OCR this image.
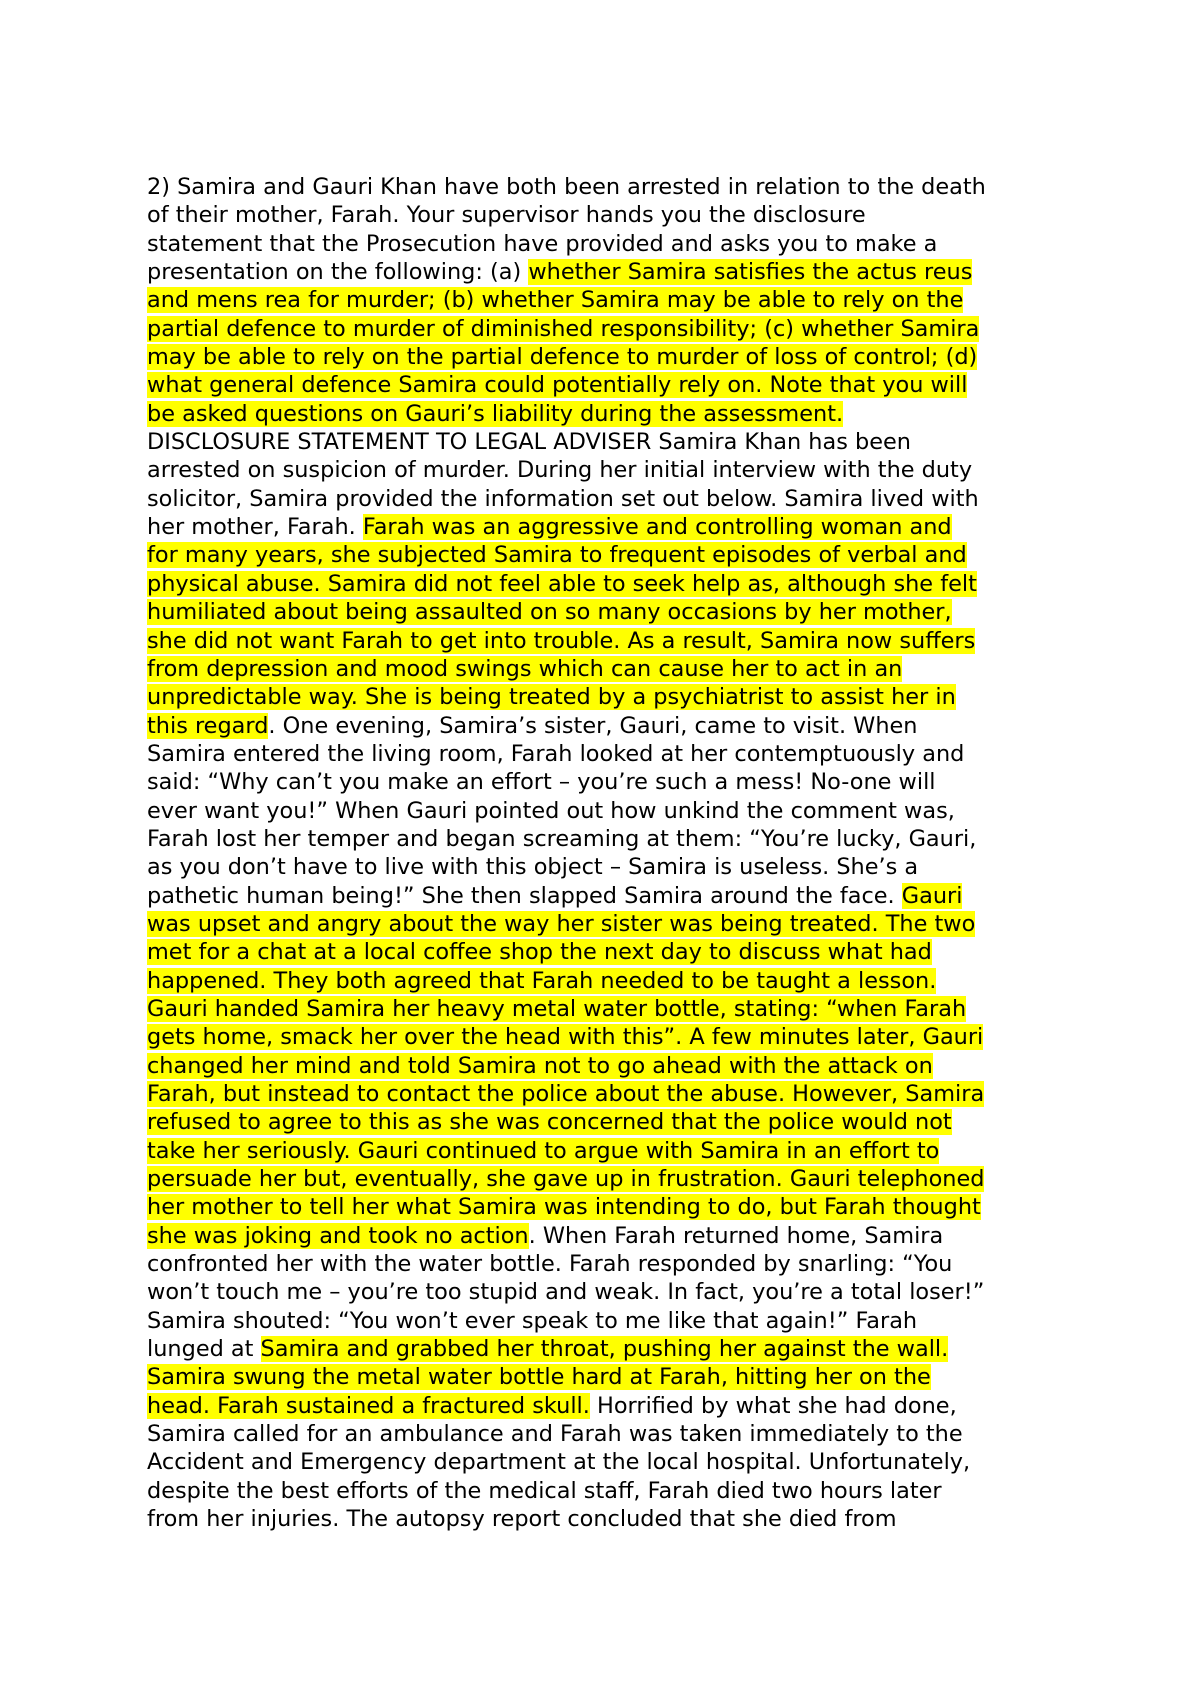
2) Samira and Gauri Khan have both been arrested in relation to the death
of their mother, Farah. Your supervisor hands you the disclosure
statement that the Prosecution have provided and asks you to make a
presentation on the following: (a) whether Samira satisfies the actus reus
and mens rea for murder; (b) whether Samira may be able to rely on the
partial defence to murder of diminished responsibility; (c) whether Samira
may be able to rely on the partial defence to murder of loss of control; (d)
what general defence Samira could potentially rely on. Note that you will
be asked questions on Gauri’s liability during the assessment.
DISCLOSURE STATEMENT TO LEGAL ADVISER Samira Khan has been
arrested on suspicion of murder. During her initial interview with the duty
solicitor, Samira provided the information set out below. Samira lived with
her mother, Farah. Farah was an aggressive and controlling woman and
for many years, she subjected Samira to frequent episodes of verbal and
physical abuse. Samira did not feel able to seek help as, although she felt
humiliated about being assaulted on so many occasions by her mother,
she did not want Farah to get into trouble. As a result, Samira now suffers
from depression and mood swings which can cause her to act in an
unpredictable way. She is being treated by a psychiatrist to assist her in
this regard. One evening, Samira’s sister, Gauri, came to visit. When
Samira entered the living room, Farah looked at her contemptuously and
said: “Why can’t you make an effort – you’re such a mess! No-one will
ever want you!” When Gauri pointed out how unkind the comment was,
Farah lost her temper and began screaming at them: “You’re lucky, Gauri,
as you don’t have to live with this object – Samira is useless. She’s a
pathetic human being!” She then slapped Samira around the face. Gauri
was upset and angry about the way her sister was being treated. The two
met for a chat at a local coffee shop the next day to discuss what had
happened. They both agreed that Farah needed to be taught a lesson.
Gauri handed Samira her heavy metal water bottle, stating: “when Farah
gets home, smack her over the head with this”. A few minutes later, Gauri
changed her mind and told Samira not to go ahead with the attack on
Farah, but instead to contact the police about the abuse. However, Samira
refused to agree to this as she was concerned that the police would not
take her seriously. Gauri continued to argue with Samira in an effort to
persuade her but, eventually, she gave up in frustration. Gauri telephoned
her mother to tell her what Samira was intending to do, but Farah thought
she was joking and took no action. When Farah returned home, Samira
confronted her with the water bottle. Farah responded by snarling: “You
won’t touch me – you’re too stupid and weak. In fact, you’re a total loser!”
Samira shouted: “You won’t ever speak to me like that again!” Farah
lunged at Samira and grabbed her throat, pushing her against the wall.
Samira swung the metal water bottle hard at Farah, hitting her on the
head. Farah sustained a fractured skull. Horrified by what she had done,
Samira called for an ambulance and Farah was taken immediately to the
Accident and Emergency department at the local hospital. Unfortunately,
despite the best efforts of the medical staff, Farah died two hours later
from her injuries. The autopsy report concluded that she died from
